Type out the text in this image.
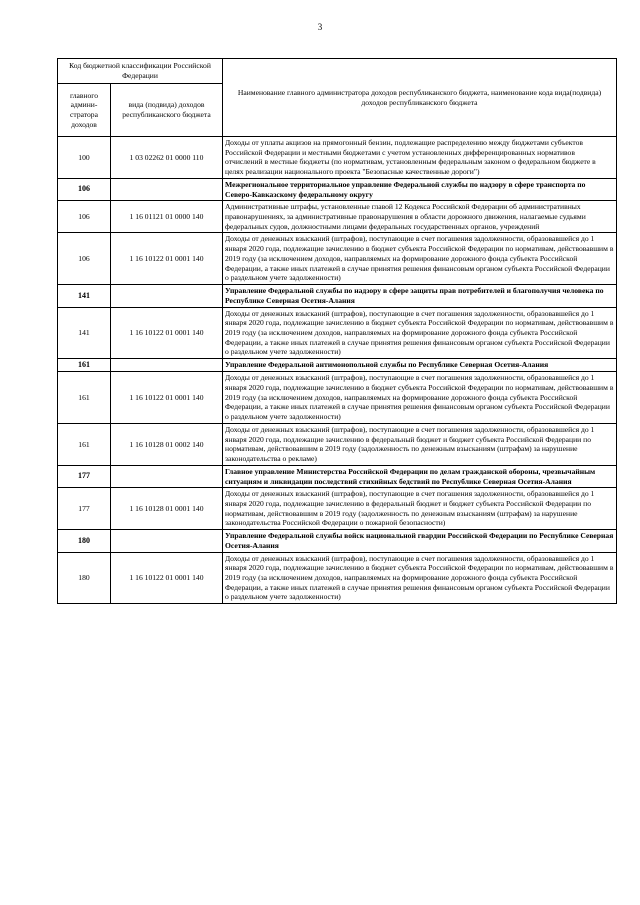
3
Код бюджетной классификации Российской Федерации		Наименование главного администратора доходов республиканского бюджета, наименование кода вида(подвида) доходов республиканского бюджета
главного админи-стратора доходов	вида (подвида) доходов республиканского бюджета	
100	1 03 02262 01 0000 110	Доходы от уплаты акцизов на прямогонный бензин, подлежащие распределению между бюджетами субъектов Российской Федерации и местными бюджетами с учетом установленных дифференцированных нормативов отчислений в местные бюджеты (по нормативам, установленным федеральным законом о федеральном бюджете в целях реализации национального проекта "Безопасные качественные дороги")
106		Межрегиональное территориальное управление Федеральной службы по надзору в сфере транспорта по Северо-Кавказскому федеральному округу
106	1 16 01121 01 0000 140	Административные штрафы, установленные главой 12 Кодекса Российской Федерации об административных правонарушениях, за административные правонарушения в области дорожного движения, налагаемые судьями федеральных судов, должностными лицами федеральных государственных органов, учреждений
106	1 16 10122 01 0001 140	Доходы от денежных взысканий (штрафов), поступающие в счет погашения задолженности, образовавшейся до 1 января 2020 года, подлежащие зачислению в бюджет субъекта Российской Федерации по нормативам, действовавшим в 2019 году (за исключением доходов, направляемых на формирование дорожного фонда субъекта Российской Федерации, а также иных платежей в случае принятия решения финансовым органом субъекта Российской Федерации о раздельном учете задолженности)
141		Управление Федеральной службы по надзору в сфере защиты прав потребителей и благополучия человека по Республике Северная Осетия-Алания
141	1 16 10122 01 0001 140	Доходы от денежных взысканий (штрафов), поступающие в счет погашения задолженности, образовавшейся до 1 января 2020 года, подлежащие зачислению в бюджет субъекта Российской Федерации по нормативам, действовавшим в 2019 году (за исключением доходов, направляемых на формирование дорожного фонда субъекта Российской Федерации, а также иных платежей в случае принятия решения финансовым органом субъекта Российской Федерации о раздельном учете задолженности)
161		Управление Федеральной антимонопольной службы по Республике Северная Осетия-Алания
161	1 16 10122 01 0001 140	Доходы от денежных взысканий (штрафов), поступающие в счет погашения задолженности, образовавшейся до 1 января 2020 года, подлежащие зачислению в бюджет субъекта Российской Федерации по нормативам, действовавшим в 2019 году (за исключением доходов, направляемых на формирование дорожного фонда субъекта Российской Федерации, а также иных платежей в случае принятия решения финансовым органом субъекта Российской Федерации о раздельном учете задолженности)
161	1 16 10128 01 0002 140	Доходы от денежных взысканий (штрафов), поступающие в счет погашения задолженности, образовавшейся до 1 января 2020 года, подлежащие зачислению в федеральный бюджет и бюджет субъекта Российской Федерации по нормативам, действовавшим в 2019 году (задолженность по денежным взысканиям (штрафам) за нарушение законодательства о рекламе)
177		Главное управление Министерства Российской Федерации по делам гражданской обороны, чрезвычайным ситуациям и ликвидации последствий стихийных бедствий по Республике Северная Осетия-Алания
177	1 16 10128 01 0001 140	Доходы от денежных взысканий (штрафов), поступающие в счет погашения задолженности, образовавшейся до 1 января 2020 года, подлежащие зачислению в федеральный бюджет и бюджет субъекта Российской Федерации по нормативам, действовавшим в 2019 году (задолженность по денежным взысканиям (штрафам) за нарушение законодательства Российской Федерации о пожарной безопасности)
180		Управление Федеральной службы войск национальной гвардии Российской Федерации по Республике Северная Осетия-Алания
180	1 16 10122 01 0001 140	Доходы от денежных взысканий (штрафов), поступающие в счет погашения задолженности, образовавшейся до 1 января 2020 года, подлежащие зачислению в бюджет субъекта Российской Федерации по нормативам, действовавшим в 2019 году (за исключением доходов, направляемых на формирование дорожного фонда субъекта Российской Федерации, а также иных платежей в случае принятия решения финансовым органом субъекта Российской Федерации о раздельном учете задолженности)
